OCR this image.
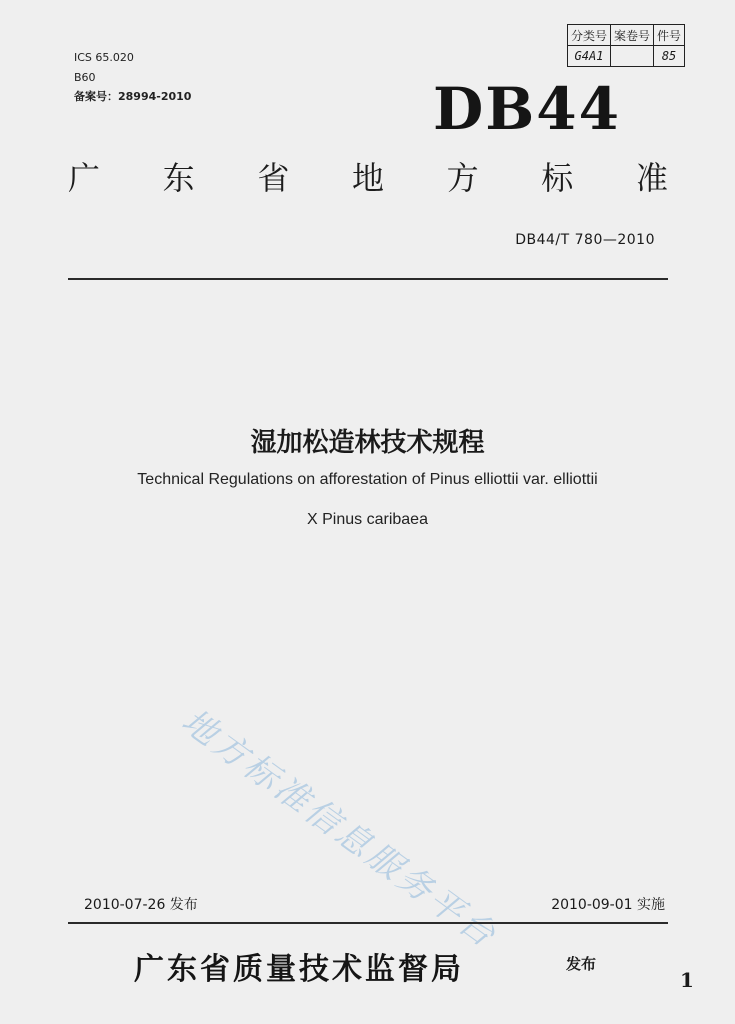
ICS 65.020
B60
备案号：28994-2010
分类号	案卷号	件号
G4A1		85
DB44
广 东 省 地 方 标 准
DB44/T 780—2010
湿加松造林技术规程
Technical Regulations on afforestation of Pinus elliottii var. elliottii
X Pinus caribaea
地方标准信息服务平台
2010-07-26 发布	2010-09-01 实施
广东省质量技术监督局	发布
1
